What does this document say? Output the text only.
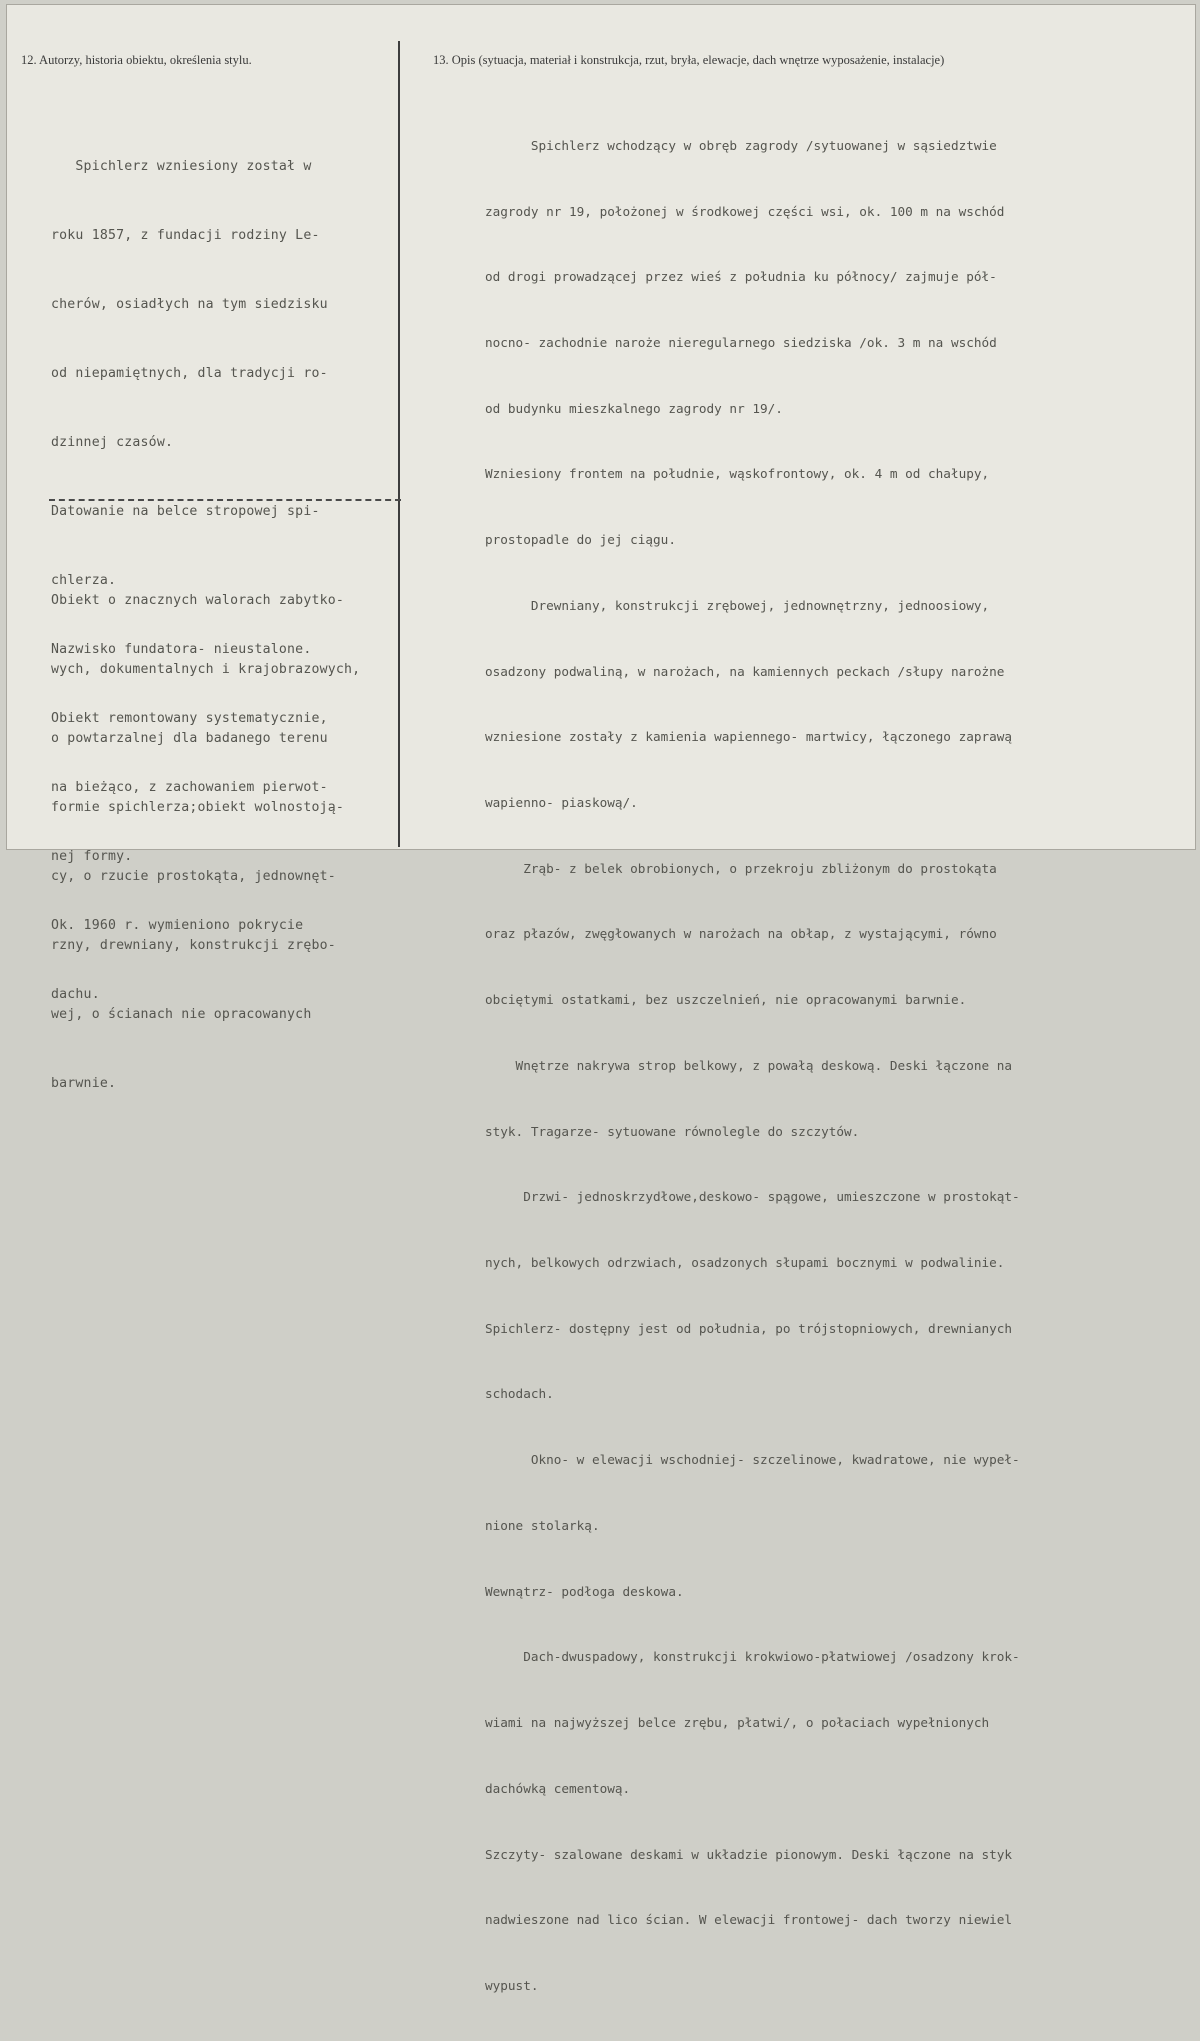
12. Autorzy, historia obiektu, określenia stylu.	13. Opis (sytuacja, materiał i konstrukcja, rzut, bryła, elewacje, dach wnętrze wyposażenie, instalacje)

Spichlerz wzniesiony został w

roku 1857, z fundacji rodziny Le-

cherów, osiadłych na tym siedzisku

od niepamiętnych, dla tradycji ro-

dzinnej czasów.

Datowanie na belce stropowej spi-

chlerza.

Nazwisko fundatora- nieustalone.

Obiekt remontowany systematycznie,

na bieżąco, z zachowaniem pierwot-

nej formy.

Ok. 1960 r. wymieniono pokrycie

dachu.

Obiekt o znacznych walorach zabytko-

wych, dokumentalnych i krajobrazowych,

o powtarzalnej dla badanego terenu

formie spichlerza;obiekt wolnostoją-

cy, o rzucie prostokąta, jednownęt-

rzny, drewniany, konstrukcji zrębo-

wej, o ścianach nie opracowanych

barwnie.

Spichlerz wchodzący w obręb zagrody /sytuowanej w sąsiedztwie

zagrody nr 19, położonej w środkowej części wsi, ok. 100 m na wschód

od drogi prowadzącej przez wieś z południa ku północy/ zajmuje pół-

nocno- zachodnie naroże nieregularnego siedziska /ok. 3 m na wschód

od budynku mieszkalnego zagrody nr 19/.

Wzniesiony frontem na południe, wąskofrontowy, ok. 4 m od chałupy,

prostopadle do jej ciągu.

Drewniany, konstrukcji zrębowej, jednownętrzny, jednoosiowy,

osadzony podwaliną, w narożach, na kamiennych peckach /słupy narożne

wzniesione zostały z kamienia wapiennego- martwicy, łączonego zaprawą

wapienno- piaskową/.

Zrąb- z belek obrobionych, o przekroju zbliżonym do prostokąta

oraz płazów, zwęgłowanych w narożach na obłap, z wystającymi, równo

obciętymi ostatkami, bez uszczelnień, nie opracowanymi barwnie.

Wnętrze nakrywa strop belkowy, z powałą deskową. Deski łączone na

styk. Tragarze- sytuowane równolegle do szczytów.

Drzwi- jednoskrzydłowe,deskowo- spągowe, umieszczone w prostokąt-

nych, belkowych odrzwiach, osadzonych słupami bocznymi w podwalinie.

Spichlerz- dostępny jest od południa, po trójstopniowych, drewnianych

schodach.

Okno- w elewacji wschodniej- szczelinowe, kwadratowe, nie wypeł-

nione stolarką.

Wewnątrz- podłoga deskowa.

Dach-dwuspadowy, konstrukcji krokwiowo-płatwiowej /osadzony krok-

wiami na najwyższej belce zrębu, płatwi/, o połaciach wypełnionych

dachówką cementową.

Szczyty- szalowane deskami w układzie pionowym. Deski łączone na styk

nadwieszone nad lico ścian. W elewacji frontowej- dach tworzy niewiel

wypust.
